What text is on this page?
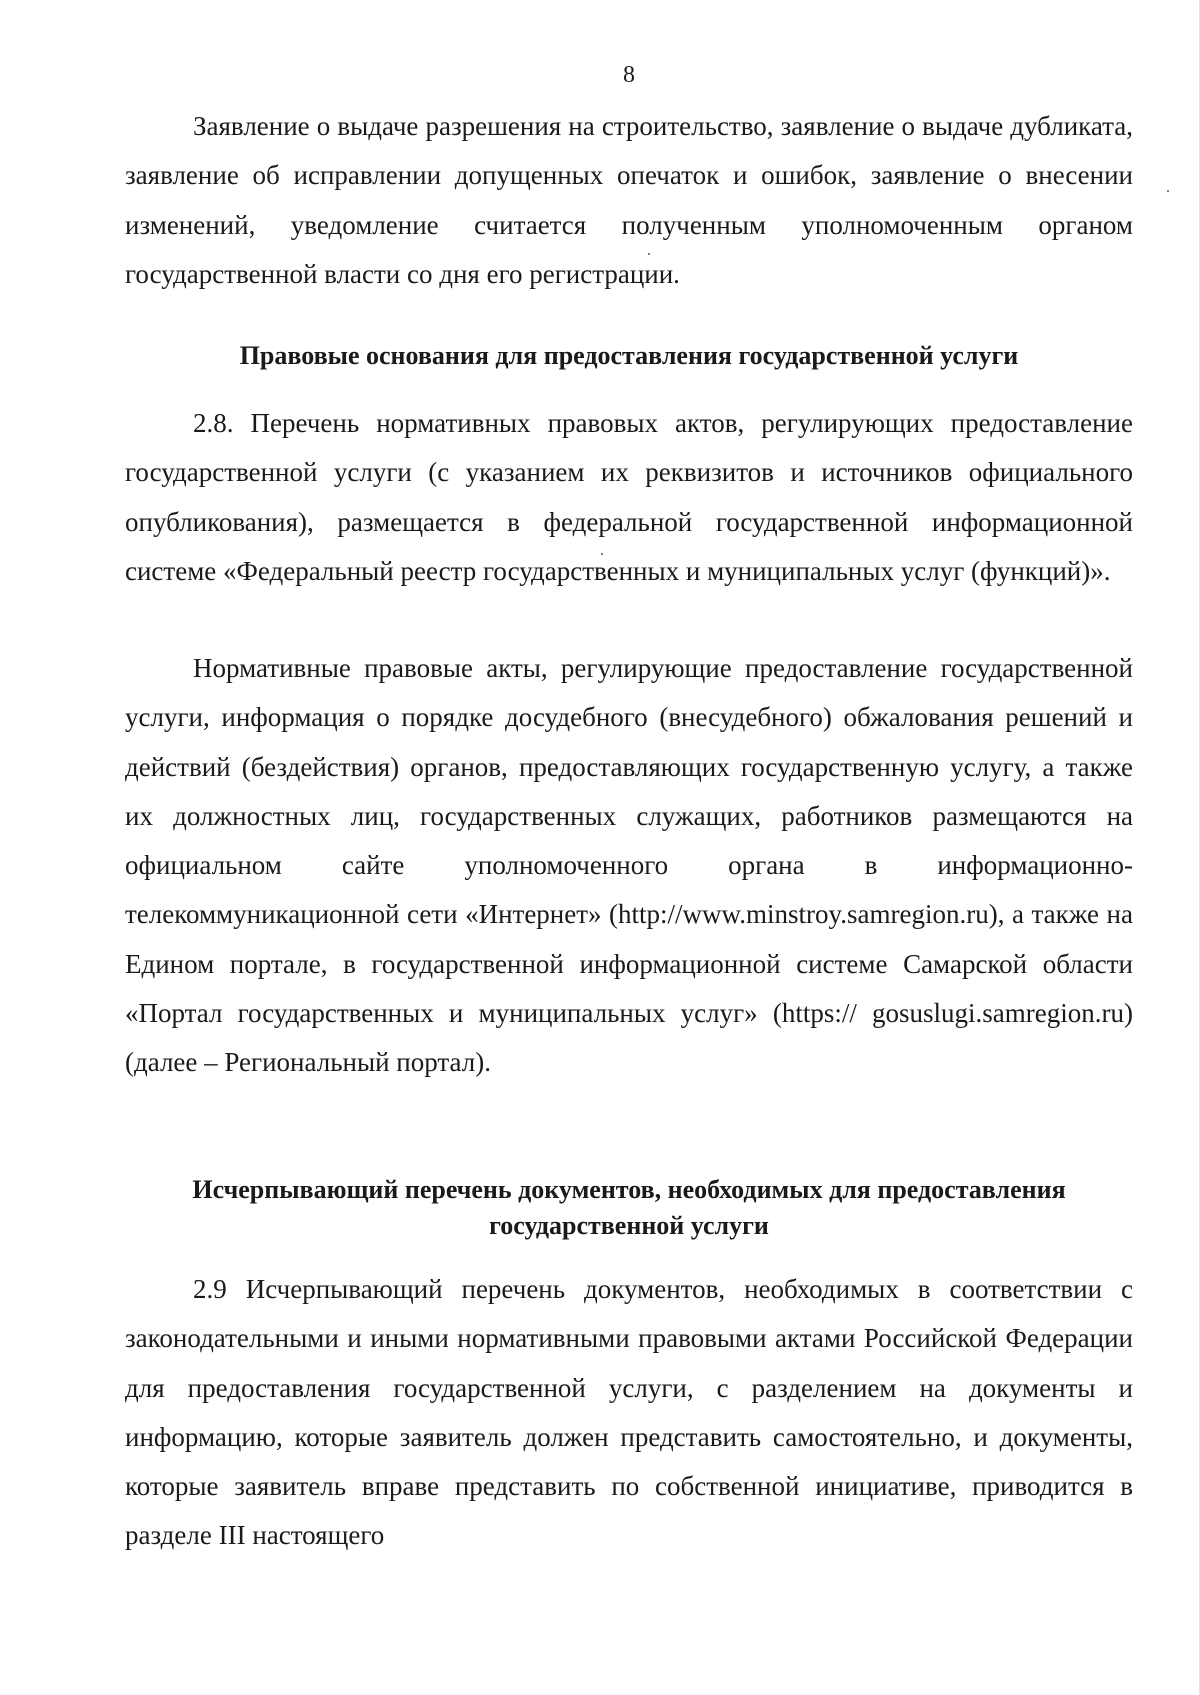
8

Заявление о выдаче разрешения на строительство, заявление о выдаче дубликата, заявление об исправлении допущенных опечаток и ошибок, заявление о внесении изменений, уведомление считается полученным уполномоченным органом государственной власти со дня его регистрации.

Правовые основания для предоставления государственной услуги

2.8. Перечень нормативных правовых актов, регулирующих предоставление государственной услуги (с указанием их реквизитов и источников официального опубликования), размещается в федеральной государственной информационной системе «Федеральный реестр государственных и муниципальных услуг (функций)».

Нормативные правовые акты, регулирующие предоставление государственной услуги, информация о порядке досудебного (внесудебного) обжалования решений и действий (бездействия) органов, предоставляющих государственную услугу, а также их должностных лиц, государственных служащих, работников размещаются на официальном сайте уполномоченного органа в информационно-телекоммуникационной сети «Интернет» (http://www.minstroy.samregion.ru), а также на Едином портале, в государственной информационной системе Самарской области «Портал государственных и муниципальных услуг» (https:// gosuslugi.samregion.ru) (далее – Региональный портал).

Исчерпывающий перечень документов, необходимых для предоставления государственной услуги

2.9 Исчерпывающий перечень документов, необходимых в соответствии с законодательными и иными нормативными правовыми актами Российской Федерации для предоставления государственной услуги, с разделением на документы и информацию, которые заявитель должен представить самостоятельно, и документы, которые заявитель вправе представить по собственной инициативе, приводится в разделе III настоящего
